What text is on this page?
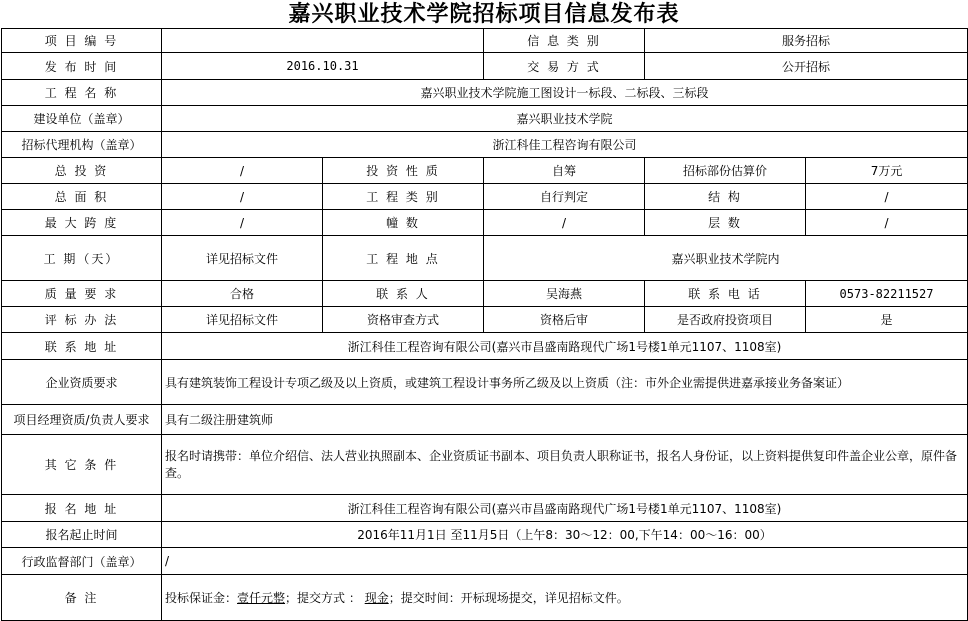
嘉兴职业技术学院招标项目信息发布表
项 目 编 号			信 息 类 别	服务招标	
发 布 时 间	2016.10.31		交 易 方 式	公开招标	
工 程 名 称	嘉兴职业技术学院施工图设计一标段、二标段、三标段				
建设单位（盖章）	嘉兴职业技术学院				
招标代理机构（盖章）	浙江科佳工程咨询有限公司				
总 投 资	/	投 资 性 质	自筹	招标部份估算价	7万元
总 面 积	/	工 程 类 别	自行判定	结 构	/
最 大 跨 度	/	幢 数	/	层 数	/
工 期（天）	详见招标文件	工 程 地 点	嘉兴职业技术学院内		
质 量 要 求	合格	联 系 人	吴海燕	联 系 电 话	0573-82211527
评 标 办 法	详见招标文件	资格审查方式	资格后审	是否政府投资项目	是
联 系 地 址	浙江科佳工程咨询有限公司(嘉兴市昌盛南路现代广场1号楼1单元1107、1108室)				
企业资质要求	具有建筑装饰工程设计专项乙级及以上资质，或建筑工程设计事务所乙级及以上资质（注：市外企业需提供进嘉承接业务备案证）				
项目经理资质/负责人要求	具有二级注册建筑师				
其 它 条 件	报名时请携带：单位介绍信、法人营业执照副本、企业资质证书副本、项目负责人职称证书，报名人身份证，以上资料提供复印件盖企业公章，原件备查。				
报 名 地 址	浙江科佳工程咨询有限公司(嘉兴市昌盛南路现代广场1号楼1单元1107、1108室)				
报名起止时间	2016年11月1日 至11月5日（上午8：30～12：00,下午14：00～16：00）				
行政监督部门（盖章）	/				
备 注	投标保证金：壹仟元整；提交方式 ： 现金；提交时间：开标现场提交，详见招标文件。				
